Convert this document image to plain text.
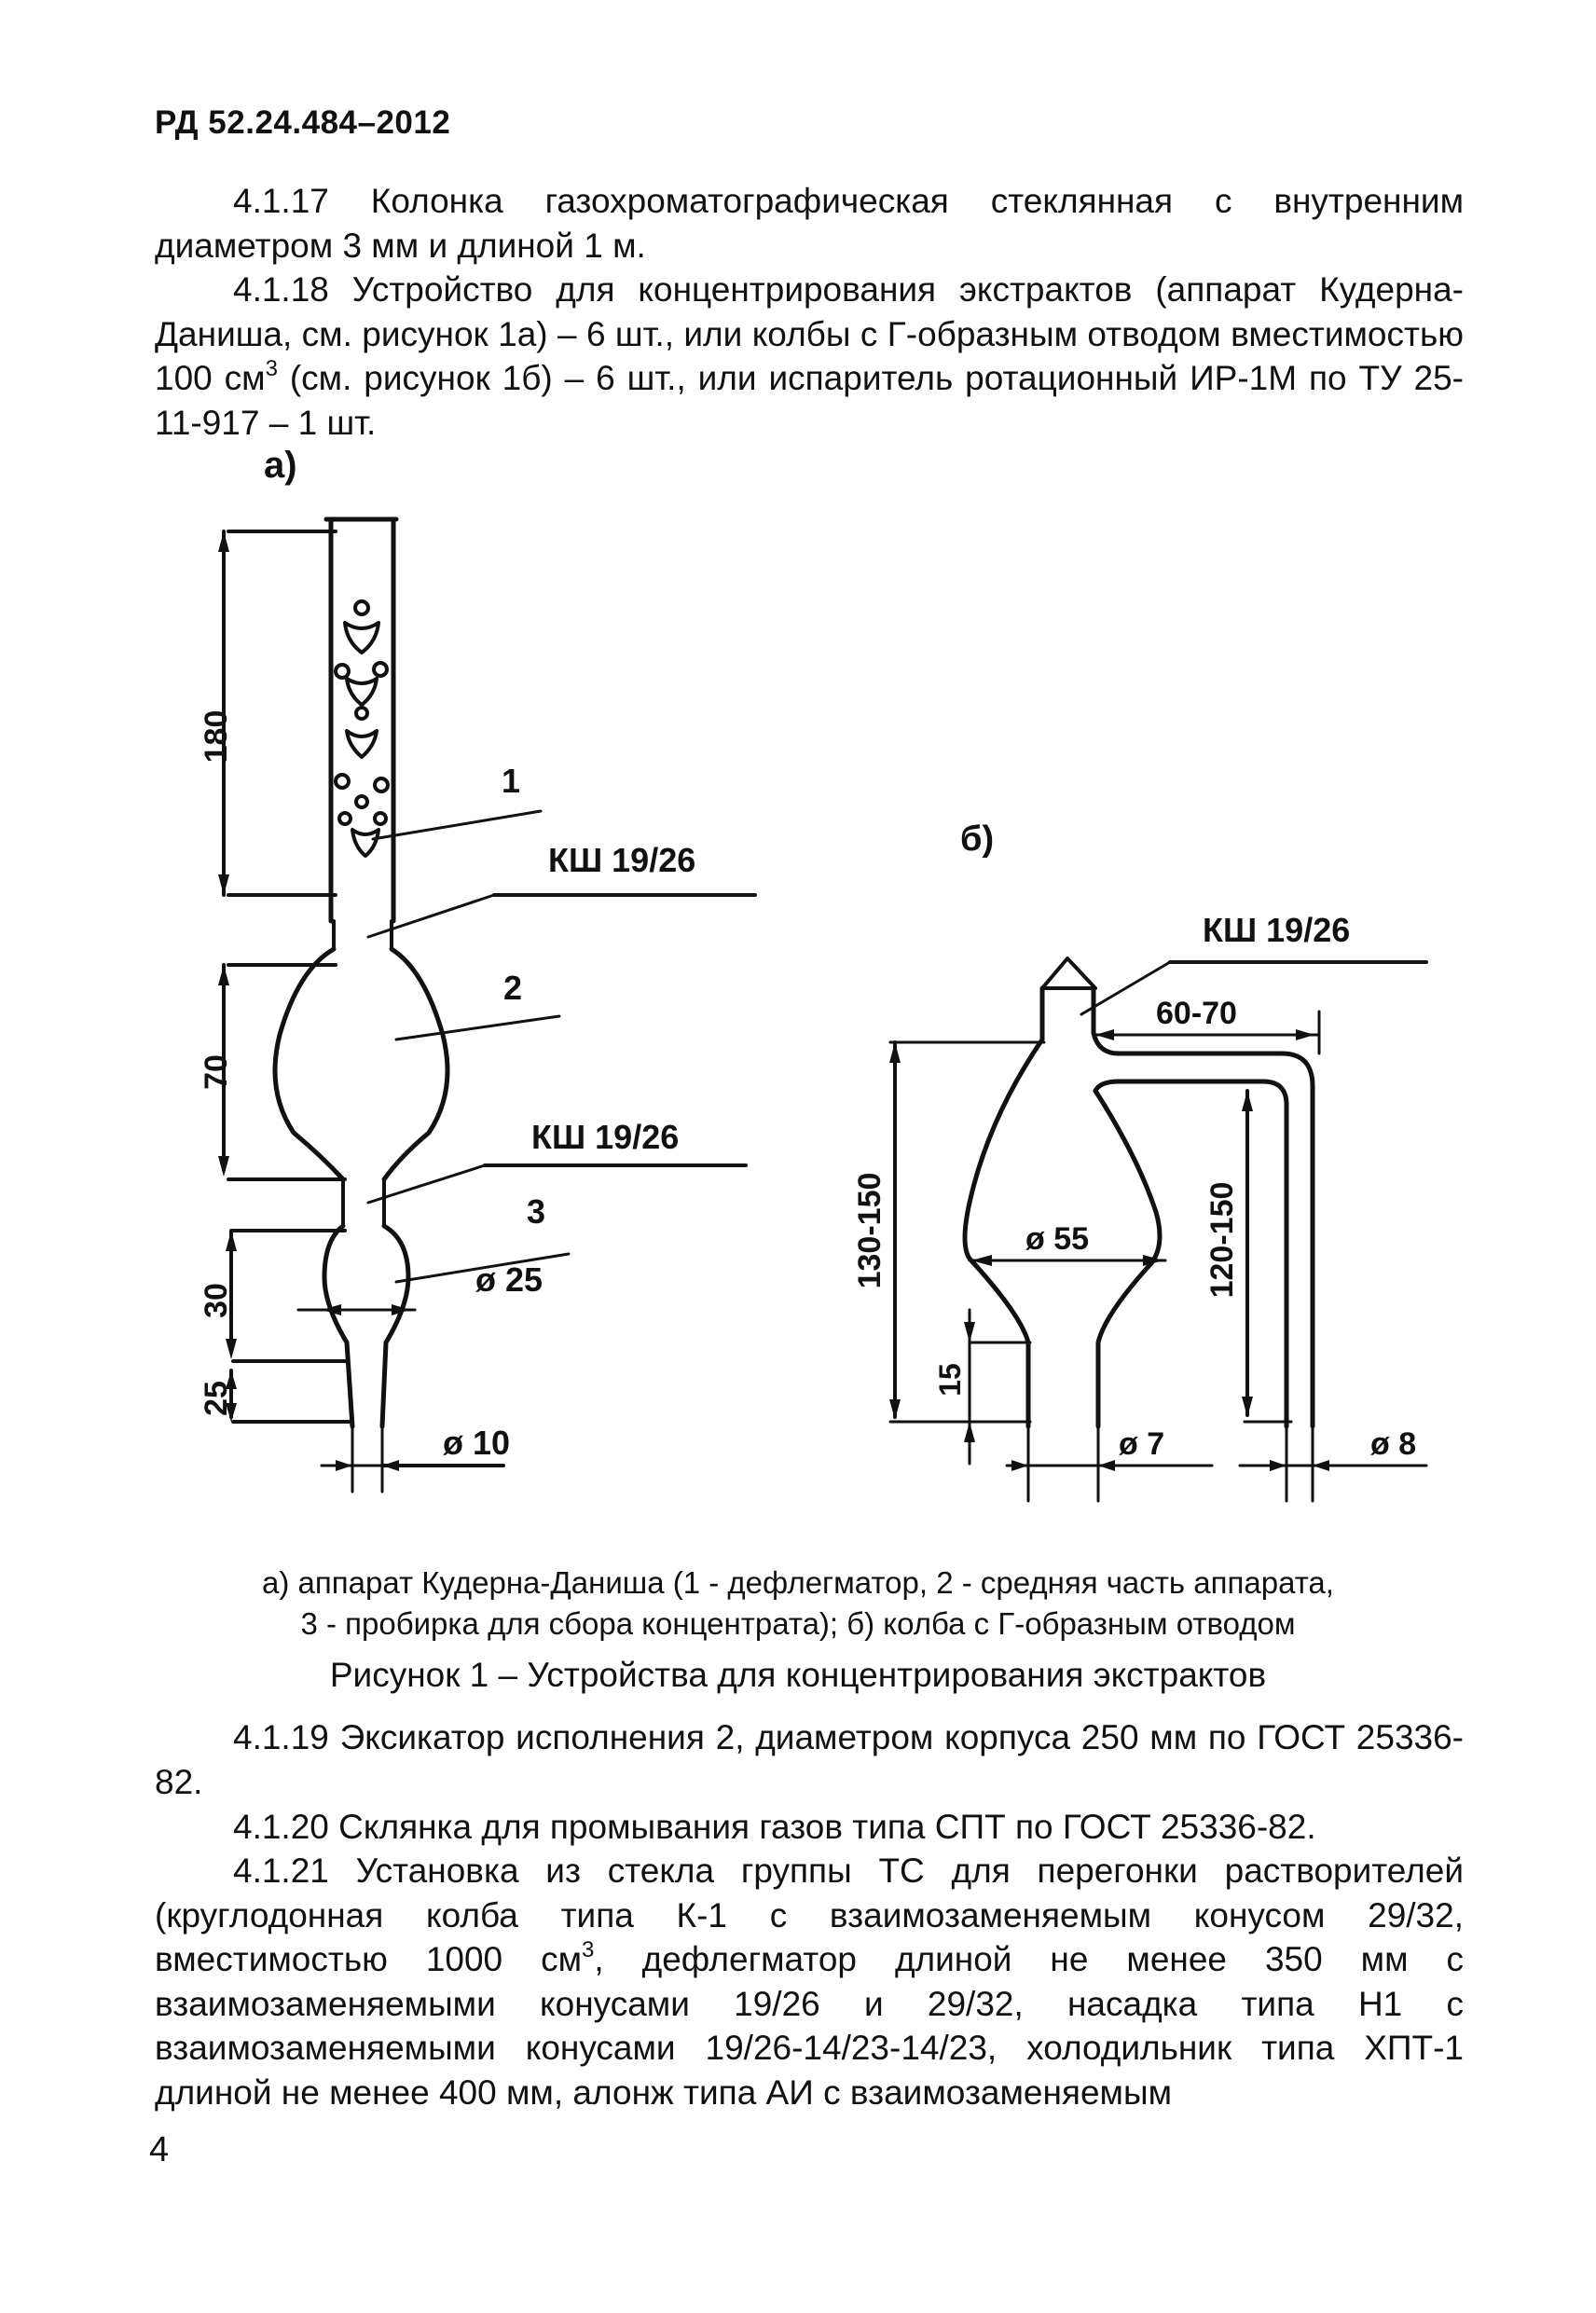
РД 52.24.484–2012
4.1.17 Колонка газохроматографическая стеклянная с внутренним диаметром 3 мм и длиной 1 м.
4.1.18 Устройство для концентрирования экстрактов (аппарат Кудерна-Даниша, см. рисунок 1а) – 6 шт., или колбы с Г-образным отводом вместимостью 100 $см^3$ (см. рисунок 1б) – 6 шт., или испаритель ротационный ИР-1М по ТУ 25-11-917 – 1 шт.
а)
б)
180
70
30
25
1
КШ 19/26
2
КШ 19/26
3
ø 25
ø 10
КШ 19/26
60-70
130-150	120-150
15
ø 55
ø 7	ø 8
а) аппарат Кудерна-Даниша (1 - дефлегматор, 2 - средняя часть аппарата,
3 - пробирка для сбора концентрата); б) колба с Г-образным отводом
Рисунок 1 – Устройства для концентрирования экстрактов
4.1.19 Эксикатор исполнения 2, диаметром корпуса 250 мм по ГОСТ 25336-82.
4.1.20 Склянка для промывания газов типа СПТ по ГОСТ 25336-82.
4.1.21 Установка из стекла группы ТС для перегонки растворителей (круглодонная колба типа К-1 с взаимозаменяемым конусом 29/32, вместимостью 1000 $см^3$, дефлегматор длиной не менее 350 мм с взаимозаменяемыми конусами 19/26 и 29/32, насадка типа Н1 с взаимозаменяемыми конусами 19/26-14/23-14/23, холодильник типа ХПТ-1 длиной не менее 400 мм, алонж типа АИ с взаимозаменяемым
4
